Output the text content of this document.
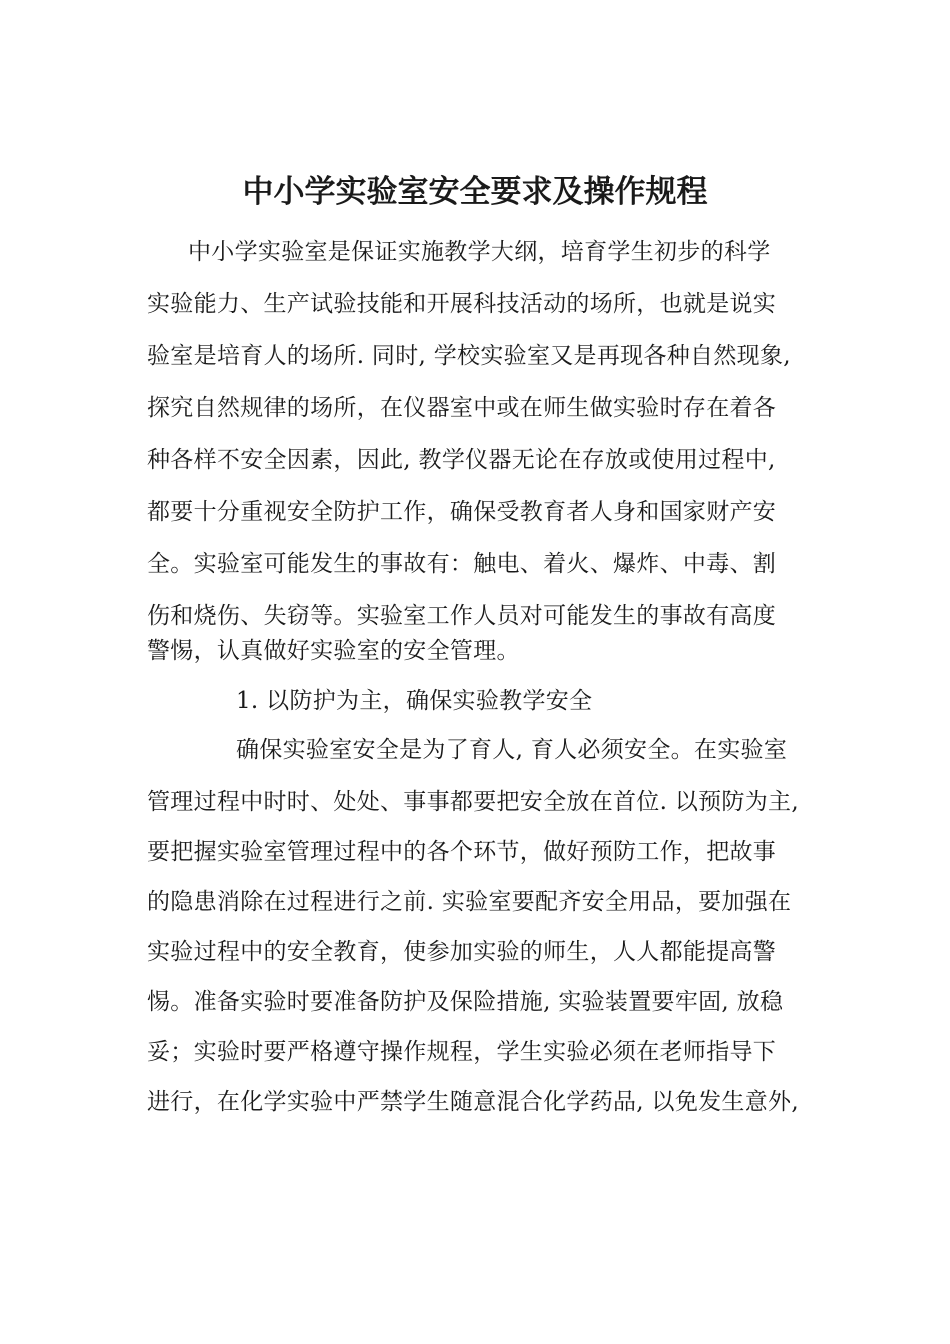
中小学实验室安全要求及操作规程

中小学实验室是保证实施教学大纲，培育学生初步的科学

实验能力、生产试验技能和开展科技活动的场所，也就是说实

验室是培育人的场所. 同时, 学校实验室又是再现各种自然现象,

探究自然规律的场所，在仪器室中或在师生做实验时存在着各

种各样不安全因素，因此, 教学仪器无论在存放或使用过程中,

都要十分重视安全防护工作，确保受教育者人身和国家财产安

全。实验室可能发生的事故有：触电、着火、爆炸、中毒、割

伤和烧伤、失窃等。实验室工作人员对可能发生的事故有高度

警惕，认真做好实验室的安全管理。

1. 以防护为主，确保实验教学安全

确保实验室安全是为了育人, 育人必须安全。在实验室

管理过程中时时、处处、事事都要把安全放在首位. 以预防为主,

要把握实验室管理过程中的各个环节，做好预防工作，把故事

的隐患消除在过程进行之前. 实验室要配齐安全用品，要加强在

实验过程中的安全教育，使参加实验的师生，人人都能提高警

惕。准备实验时要准备防护及保险措施, 实验装置要牢固, 放稳

妥；实验时要严格遵守操作规程，学生实验必须在老师指导下

进行，在化学实验中严禁学生随意混合化学药品, 以免发生意外,
